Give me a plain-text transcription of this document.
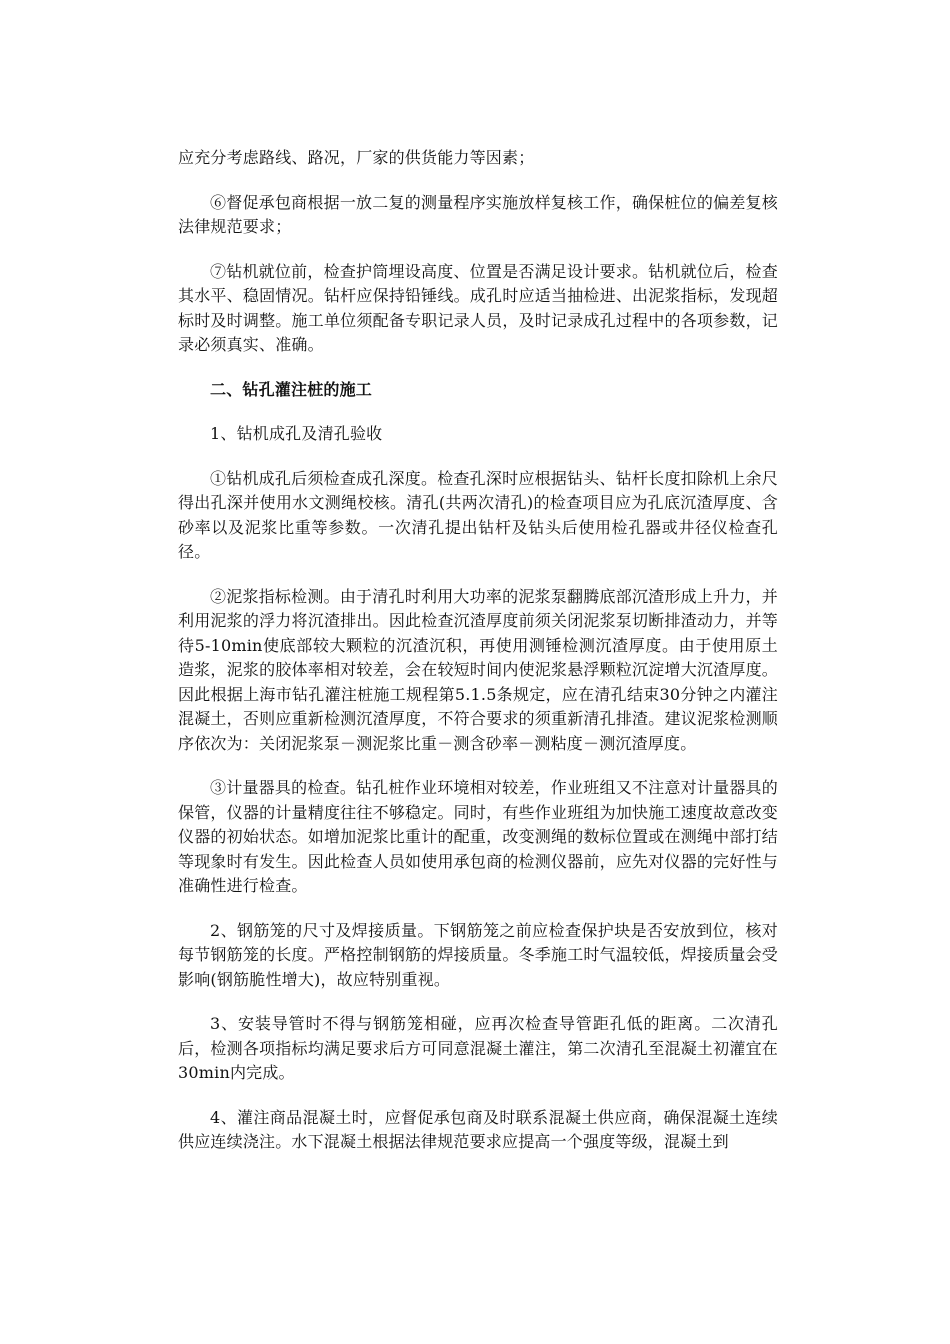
应充分考虑路线、路况，厂家的供货能力等因素；

⑥督促承包商根据一放二复的测量程序实施放样复核工作，确保桩位的偏差复核法律规范要求；

⑦钻机就位前，检查护筒埋设高度、位置是否满足设计要求。钻机就位后，检查其水平、稳固情况。钻杆应保持铅锤线。成孔时应适当抽检进、出泥浆指标，发现超标时及时调整。施工单位须配备专职记录人员，及时记录成孔过程中的各项参数，记录必须真实、准确。

二、钻孔灌注桩的施工

1、钻机成孔及清孔验收

①钻机成孔后须检查成孔深度。检查孔深时应根据钻头、钻杆长度扣除机上余尺得出孔深并使用水文测绳校核。清孔(共两次清孔)的检查项目应为孔底沉渣厚度、含砂率以及泥浆比重等参数。一次清孔提出钻杆及钻头后使用检孔器或井径仪检查孔径。

②泥浆指标检测。由于清孔时利用大功率的泥浆泵翻腾底部沉渣形成上升力，并利用泥浆的浮力将沉渣排出。因此检查沉渣厚度前须关闭泥浆泵切断排渣动力，并等待5-10min使底部较大颗粒的沉渣沉积，再使用测锤检测沉渣厚度。由于使用原土造浆，泥浆的胶体率相对较差，会在较短时间内使泥浆悬浮颗粒沉淀增大沉渣厚度。因此根据上海市钻孔灌注桩施工规程第5.1.5条规定，应在清孔结束30分钟之内灌注混凝土，否则应重新检测沉渣厚度，不符合要求的须重新清孔排渣。建议泥浆检测顺序依次为：关闭泥浆泵－测泥浆比重－测含砂率－测粘度－测沉渣厚度。

③计量器具的检查。钻孔桩作业环境相对较差，作业班组又不注意对计量器具的保管，仪器的计量精度往往不够稳定。同时，有些作业班组为加快施工速度故意改变仪器的初始状态。如增加泥浆比重计的配重，改变测绳的数标位置或在测绳中部打结等现象时有发生。因此检查人员如使用承包商的检测仪器前，应先对仪器的完好性与准确性进行检查。

2、钢筋笼的尺寸及焊接质量。下钢筋笼之前应检查保护块是否安放到位，核对每节钢筋笼的长度。严格控制钢筋的焊接质量。冬季施工时气温较低，焊接质量会受影响(钢筋脆性增大)，故应特别重视。

3、安装导管时不得与钢筋笼相碰，应再次检查导管距孔低的距离。二次清孔后，检测各项指标均满足要求后方可同意混凝土灌注，第二次清孔至混凝土初灌宜在30min内完成。

4、灌注商品混凝土时，应督促承包商及时联系混凝土供应商，确保混凝土连续供应连续浇注。水下混凝土根据法律规范要求应提高一个强度等级，混凝土到
